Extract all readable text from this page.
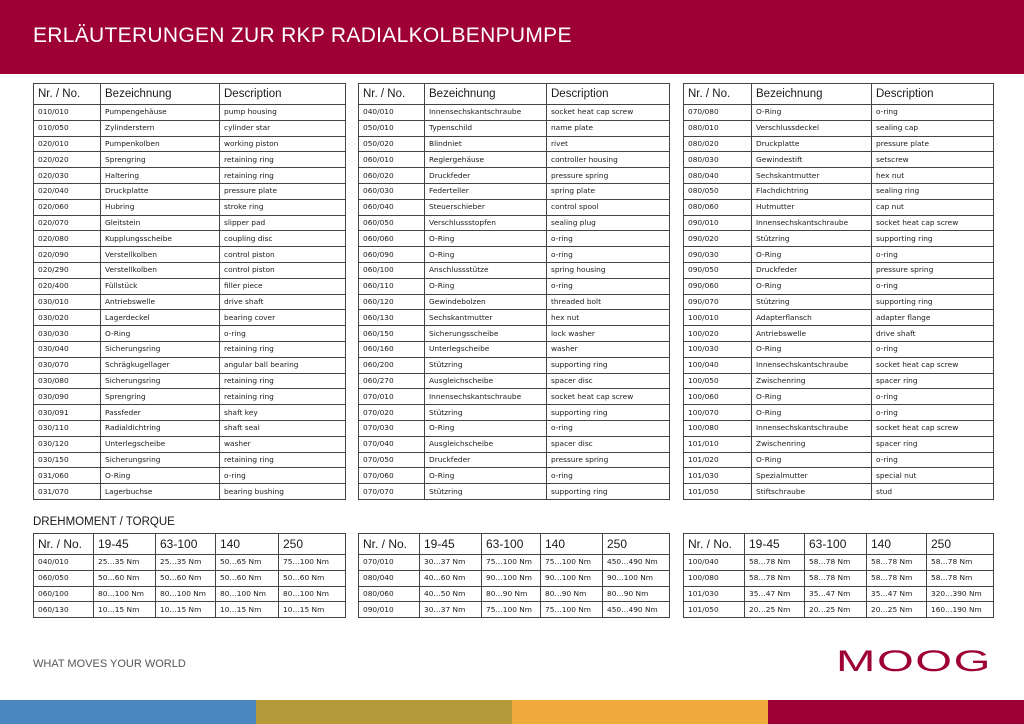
ERLÄUTERUNGEN ZUR RKP RADIALKOLBENPUMPE
Nr. / No.	Bezeichnung	Description
010/010	Pumpengehäuse	pump housing
010/050	Zylinderstern	cylinder star
020/010	Pumpenkolben	working piston
020/020	Sprengring	retaining ring
020/030	Haltering	retaining ring
020/040	Druckplatte	pressure plate
020/060	Hubring	stroke ring
020/070	Gleitstein	slipper pad
020/080	Kupplungsscheibe	coupling disc
020/090	Verstellkolben	control piston
020/290	Verstellkolben	control piston
020/400	Füllstück	filler piece
030/010	Antriebswelle	drive shaft
030/020	Lagerdeckel	bearing cover
030/030	O-Ring	o-ring
030/040	Sicherungsring	retaining ring
030/070	Schrägkugellager	angular ball bearing
030/080	Sicherungsring	retaining ring
030/090	Sprengring	retaining ring
030/091	Passfeder	shaft key
030/110	Radialdichtring	shaft seal
030/120	Unterlegscheibe	washer
030/150	Sicherungsring	retaining ring
031/060	O-Ring	o-ring
031/070	Lagerbuchse	bearing bushing
Nr. / No.	Bezeichnung	Description
040/010	Innensechskantschraube	socket heat cap screw
050/010	Typenschild	name plate
050/020	Blindniet	rivet
060/010	Reglergehäuse	controller housing
060/020	Druckfeder	pressure spring
060/030	Federteller	spring plate
060/040	Steuerschieber	control spool
060/050	Verschlussstopfen	sealing plug
060/060	O-Ring	o-ring
060/090	O-Ring	o-ring
060/100	Anschlussstütze	spring housing
060/110	O-Ring	o-ring
060/120	Gewindebolzen	threaded bolt
060/130	Sechskantmutter	hex nut
060/150	Sicherungsscheibe	lock washer
060/160	Unterlegscheibe	washer
060/200	Stützring	supporting ring
060/270	Ausgleichscheibe	spacer disc
070/010	Innensechskantschraube	socket heat cap screw
070/020	Stützring	supporting ring
070/030	O-Ring	o-ring
070/040	Ausgleichscheibe	spacer disc
070/050	Druckfeder	pressure spring
070/060	O-Ring	o-ring
070/070	Stützring	supporting ring
Nr. / No.	Bezeichnung	Description
070/080	O-Ring	o-ring
080/010	Verschlussdeckel	sealing cap
080/020	Druckplatte	pressure plate
080/030	Gewindestift	setscrew
080/040	Sechskantmutter	hex nut
080/050	Flachdichtring	sealing ring
080/060	Hutmutter	cap nut
090/010	Innensechskantschraube	socket heat cap screw
090/020	Stützring	supporting ring
090/030	O-Ring	o-ring
090/050	Druckfeder	pressure spring
090/060	O-Ring	o-ring
090/070	Stützring	supporting ring
100/010	Adapterflansch	adapter flange
100/020	Antriebswelle	drive shaft
100/030	O-Ring	o-ring
100/040	Innensechskantschraube	socket heat cap screw
100/050	Zwischenring	spacer ring
100/060	O-Ring	o-ring
100/070	O-Ring	o-ring
100/080	Innensechskantschraube	socket heat cap screw
101/010	Zwischenring	spacer ring
101/020	O-Ring	o-ring
101/030	Spezialmutter	special nut
101/050	Stiftschraube	stud
DREHMOMENT / TORQUE
Nr. / No.	19-45	63-100	140	250
040/010	25…35 Nm	25…35 Nm	50…65 Nm	75…100 Nm
060/050	50…60 Nm	50…60 Nm	50…60 Nm	50…60 Nm
060/100	80…100 Nm	80…100 Nm	80…100 Nm	80…100 Nm
060/130	10…15 Nm	10…15 Nm	10…15 Nm	10…15 Nm
Nr. / No.	19-45	63-100	140	250
070/010	30…37 Nm	75…100 Nm	75…100 Nm	450…490 Nm
080/040	40…60 Nm	90…100 Nm	90…100 Nm	90…100 Nm
080/060	40…50 Nm	80…90 Nm	80…90 Nm	80…90 Nm
090/010	30…37 Nm	75…100 Nm	75…100 Nm	450…490 Nm
Nr. / No.	19-45	63-100	140	250
100/040	58…78 Nm	58…78 Nm	58…78 Nm	58…78 Nm
100/080	58…78 Nm	58…78 Nm	58…78 Nm	58…78 Nm
101/030	35…47 Nm	35…47 Nm	35…47 Nm	320…390 Nm
101/050	20…25 Nm	20…25 Nm	20…25 Nm	160…190 Nm
WHAT MOVES YOUR WORLD	MOOG
